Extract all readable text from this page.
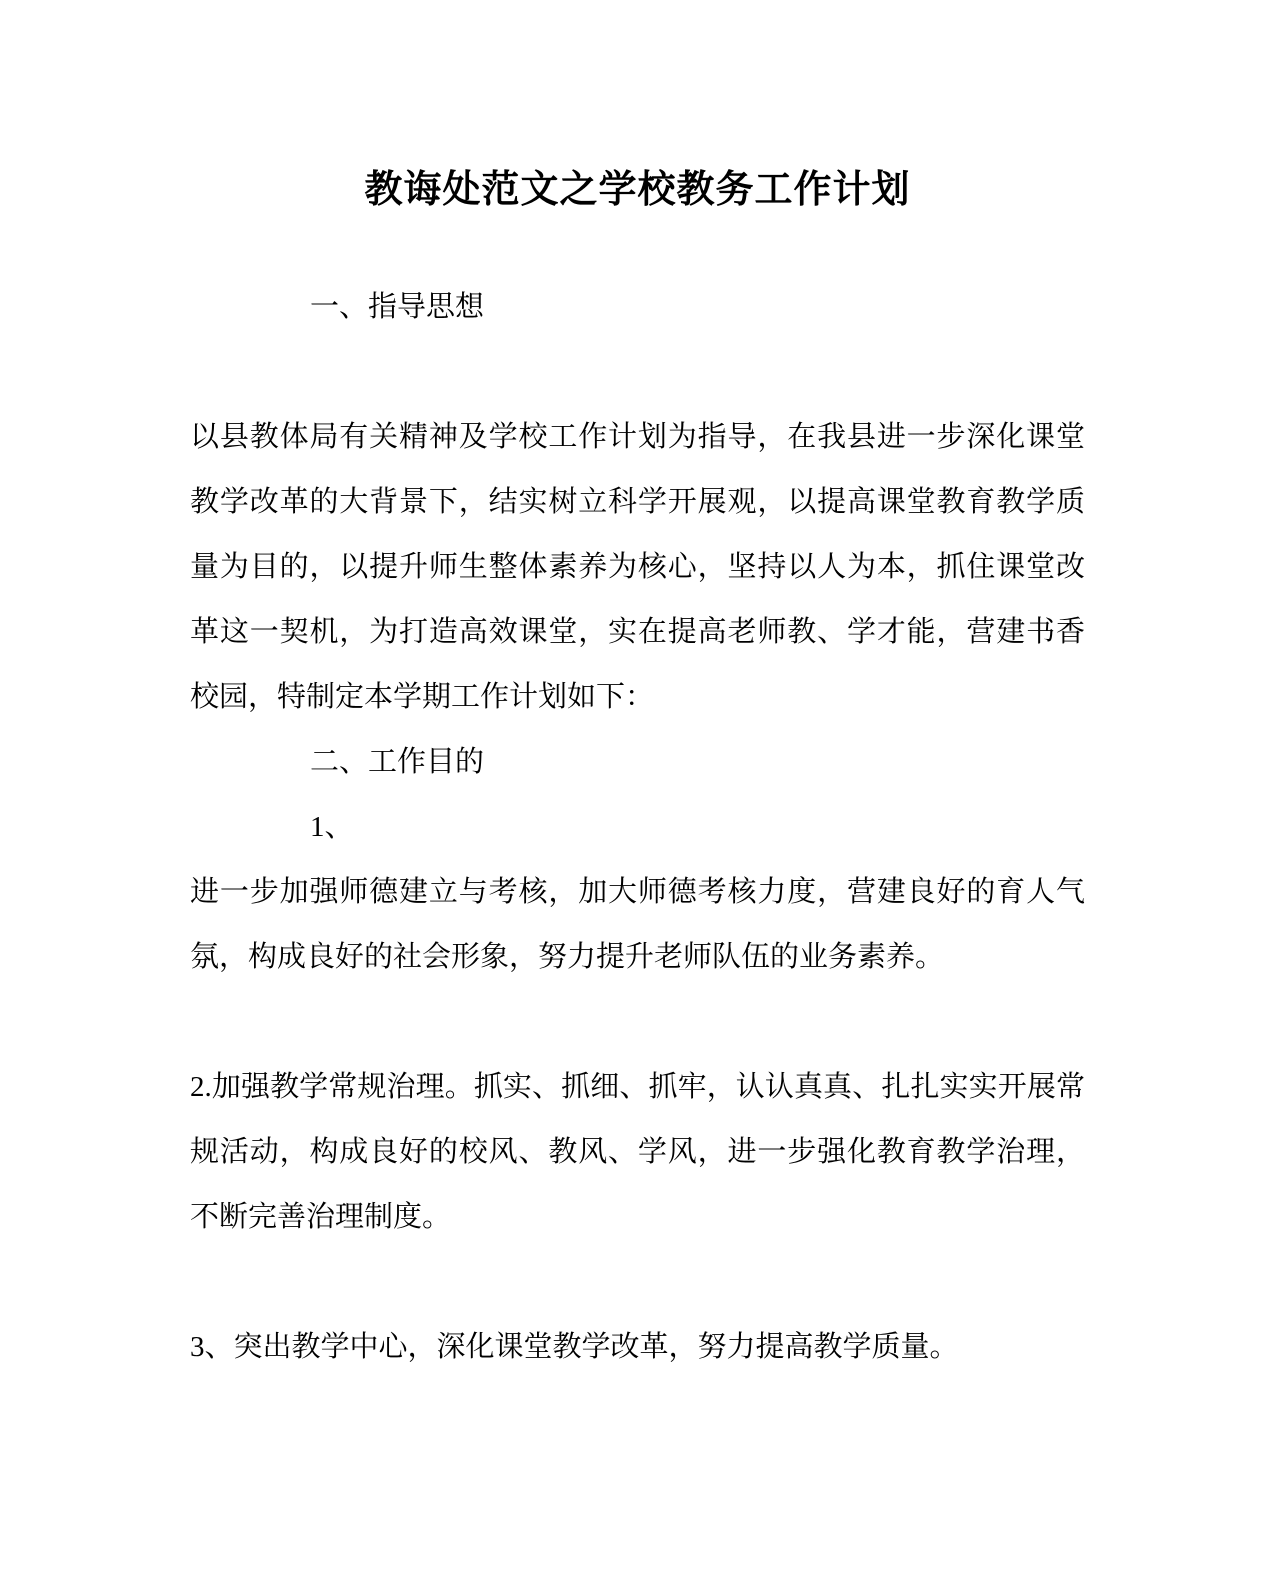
教诲处范文之学校教务工作计划

一、指导思想

以县教体局有关精神及学校工作计划为指导，在我县进一步深化课堂教学改革的大背景下，结实树立科学开展观，以提高课堂教育教学质量为目的，以提升师生整体素养为核心，坚持以人为本，抓住课堂改革这一契机，为打造高效课堂，实在提高老师教、学才能，营建书香校园，特制定本学期工作计划如下：

二、工作目的

1、

进一步加强师德建立与考核，加大师德考核力度，营建良好的育人气氛，构成良好的社会形象，努力提升老师队伍的业务素养。

2.加强教学常规治理。抓实、抓细、抓牢，认认真真、扎扎实实开展常规活动，构成良好的校风、教风、学风，进一步强化教育教学治理，不断完善治理制度。

3、突出教学中心，深化课堂教学改革，努力提高教学质量。
